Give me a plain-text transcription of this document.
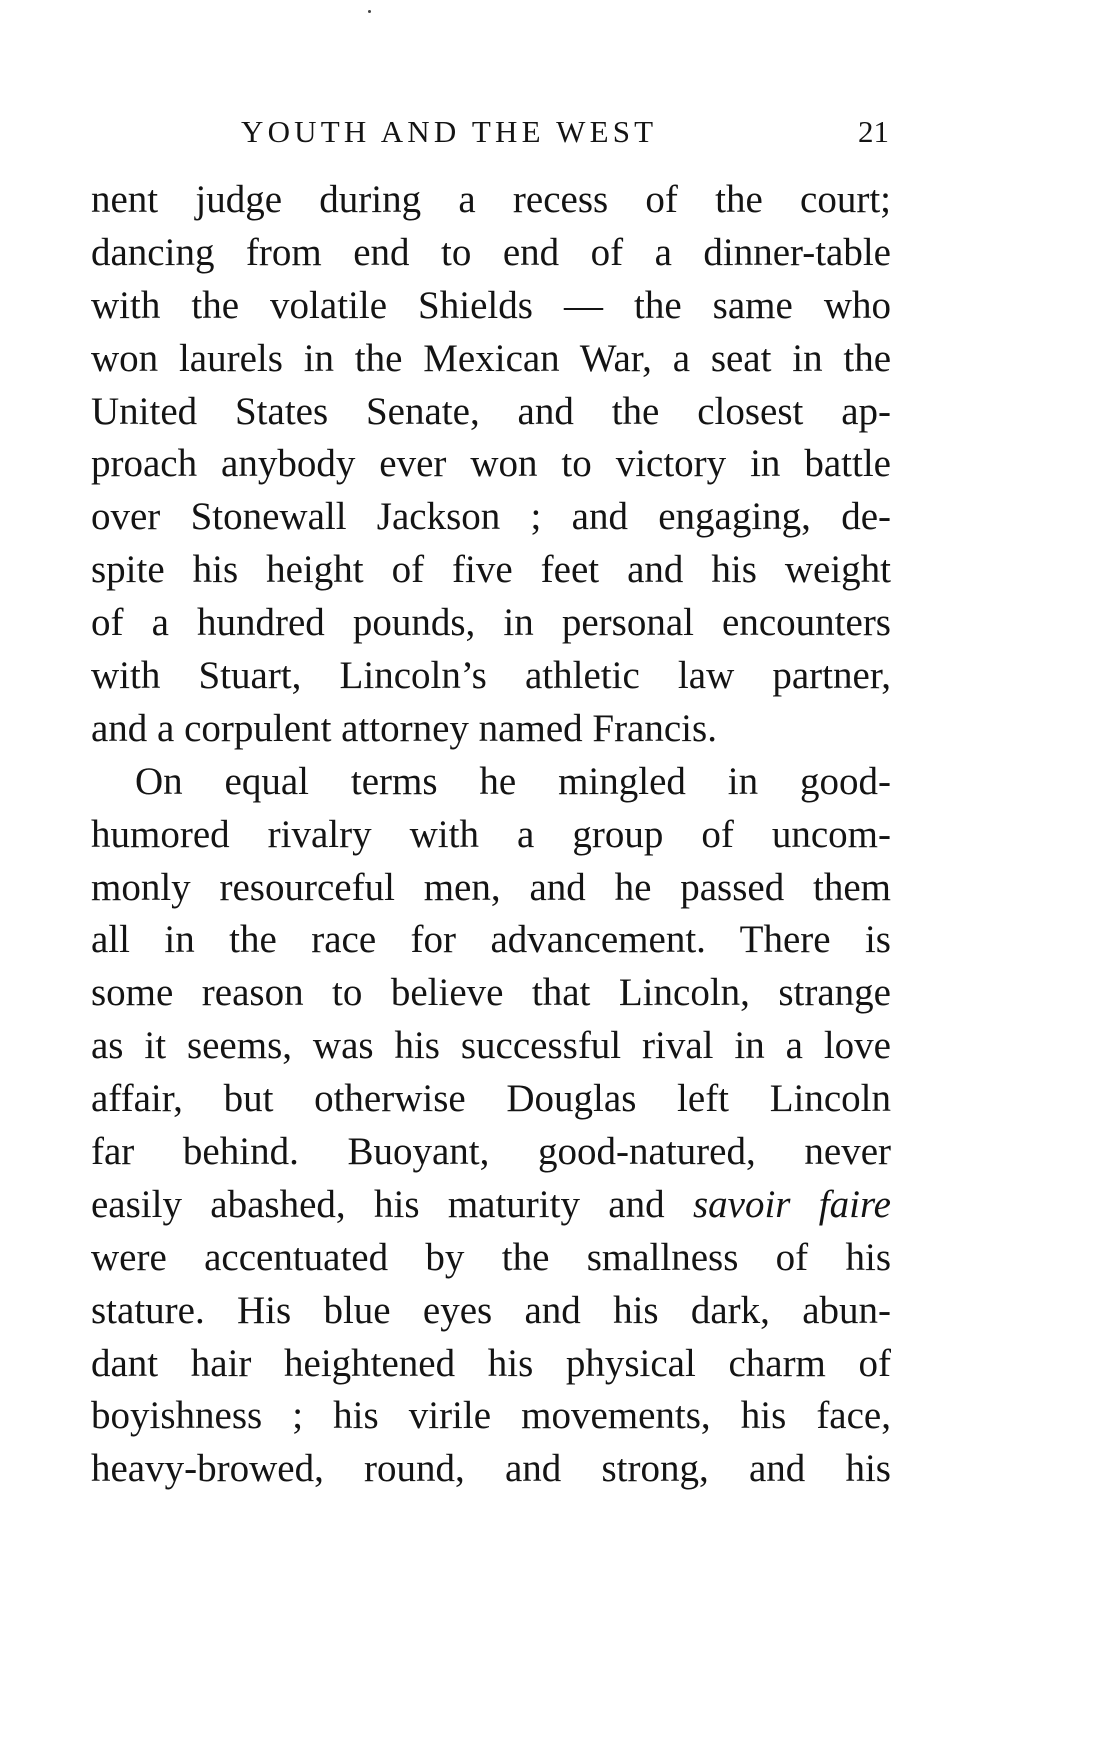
YOUTH AND THE WEST	21
nent judge during a recess of the court;
dancing from end to end of a dinner-table
with the volatile Shields — the same who
won laurels in the Mexican War, a seat in the
United States Senate, and the closest ap-
proach anybody ever won to victory in battle
over Stonewall Jackson ; and engaging, de-
spite his height of five feet and his weight
of a hundred pounds, in personal encounters
with Stuart, Lincoln’s athletic law partner,
and a corpulent attorney named Francis.
On equal terms he mingled in good-
humored rivalry with a group of uncom-
monly resourceful men, and he passed them
all in the race for advancement. There is
some reason to believe that Lincoln, strange
as it seems, was his successful rival in a love
affair, but otherwise Douglas left Lincoln
far behind. Buoyant, good-natured, never
easily abashed, his maturity and savoir faire
were accentuated by the smallness of his
stature. His blue eyes and his dark, abun-
dant hair heightened his physical charm of
boyishness ; his virile movements, his face,
heavy-browed, round, and strong, and his
